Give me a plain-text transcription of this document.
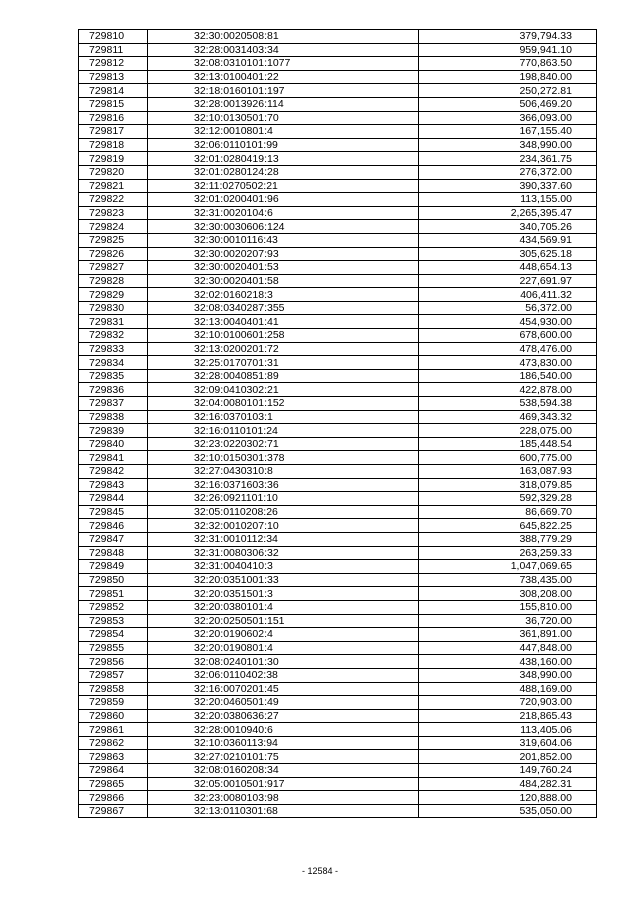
729810	32:30:0020508:81	379,794.33
729811	32:28:0031403:34	959,941.10
729812	32:08:0310101:1077	770,863.50
729813	32:13:0100401:22	198,840.00
729814	32:18:0160101:197	250,272.81
729815	32:28:0013926:114	506,469.20
729816	32:10:0130501:70	366,093.00
729817	32:12:0010801:4	167,155.40
729818	32:06:0110101:99	348,990.00
729819	32:01:0280419:13	234,361.75
729820	32:01:0280124:28	276,372.00
729821	32:11:0270502:21	390,337.60
729822	32:01:0200401:96	113,155.00
729823	32:31:0020104:6	2,265,395.47
729824	32:30:0030606:124	340,705.26
729825	32:30:0010116:43	434,569.91
729826	32:30:0020207:93	305,625.18
729827	32:30:0020401:53	448,654.13
729828	32:30:0020401:58	227,691.97
729829	32:02:0160218:3	406,411.32
729830	32:08:0340287:355	56,372.00
729831	32:13:0040401:41	454,930.00
729832	32:10:0100601:258	678,600.00
729833	32:13:0200201:72	478,476.00
729834	32:25:0170701:31	473,830.00
729835	32:28:0040851:89	186,540.00
729836	32:09:0410302:21	422,878.00
729837	32:04:0080101:152	538,594.38
729838	32:16:0370103:1	469,343.32
729839	32:16:0110101:24	228,075.00
729840	32:23:0220302:71	185,448.54
729841	32:10:0150301:378	600,775.00
729842	32:27:0430310:8	163,087.93
729843	32:16:0371603:36	318,079.85
729844	32:26:0921101:10	592,329.28
729845	32:05:0110208:26	86,669.70
729846	32:32:0010207:10	645,822.25
729847	32:31:0010112:34	388,779.29
729848	32:31:0080306:32	263,259.33
729849	32:31:0040410:3	1,047,069.65
729850	32:20:0351001:33	738,435.00
729851	32:20:0351501:3	308,208.00
729852	32:20:0380101:4	155,810.00
729853	32:20:0250501:151	36,720.00
729854	32:20:0190602:4	361,891.00
729855	32:20:0190801:4	447,848.00
729856	32:08:0240101:30	438,160.00
729857	32:06:0110402:38	348,990.00
729858	32:16:0070201:45	488,169.00
729859	32:20:0460501:49	720,903.00
729860	32:20:0380636:27	218,865.43
729861	32:28:0010940:6	113,405.06
729862	32:10:0360113:94	319,604.06
729863	32:27:0210101:75	201,852.00
729864	32:08:0160208:34	149,760.24
729865	32:05:0010501:917	484,282.31
729866	32:23:0080103:98	120,888.00
729867	32:13:0110301:68	535,050.00
- 12584 -
